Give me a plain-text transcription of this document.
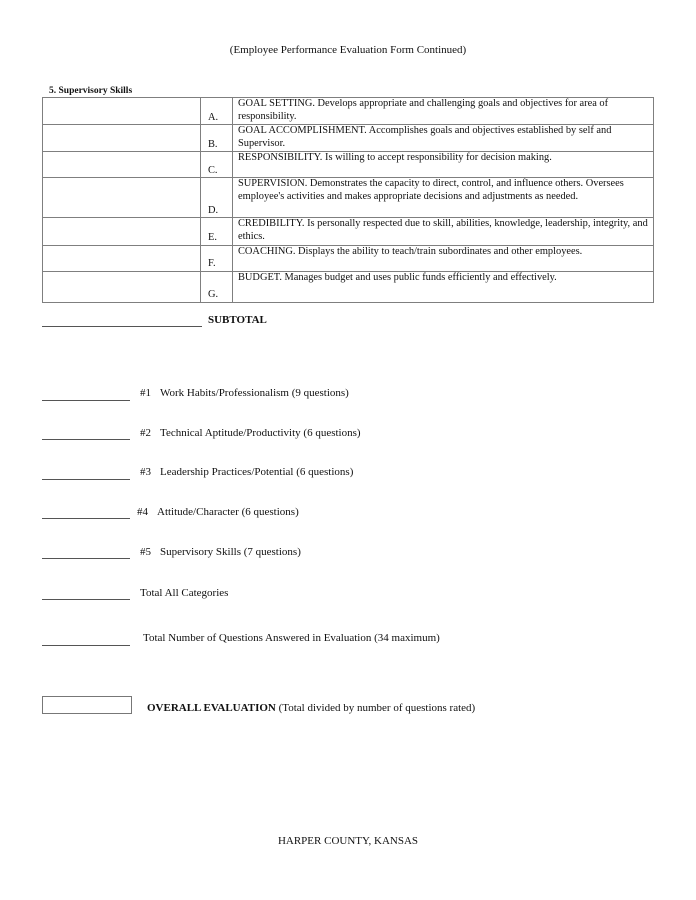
(Employee Performance Evaluation Form Continued)
5. Supervisory Skills

	A.	GOAL SETTING. Develops appropriate and challenging goals and objectives for area of responsibility.

	B.	GOAL ACCOMPLISHMENT. Accomplishes goals and objectives established by self and Supervisor.

	C.	RESPONSIBILITY. Is willing to accept responsibility for decision making.

	D.	SUPERVISION. Demonstrates the capacity to direct, control, and influence others. Oversees employee's activities and makes appropriate decisions and adjustments as needed.

	E.	CREDIBILITY. Is personally respected due to skill, abilities, knowledge, leadership, integrity, and ethics.

	F.	COACHING. Displays the ability to teach/train subordinates and other employees.

	G.	BUDGET. Manages budget and uses public funds efficiently and effectively.
SUBTOTAL
#1 Work Habits/Professionalism (9 questions)
#2 Technical Aptitude/Productivity (6 questions)
#3 Leadership Practices/Potential (6 questions)
#4 Attitude/Character (6 questions)
#5 Supervisory Skills (7 questions)
Total All Categories
Total Number of Questions Answered in Evaluation (34 maximum)
OVERALL EVALUATION (Total divided by number of questions rated)
HARPER COUNTY, KANSAS
